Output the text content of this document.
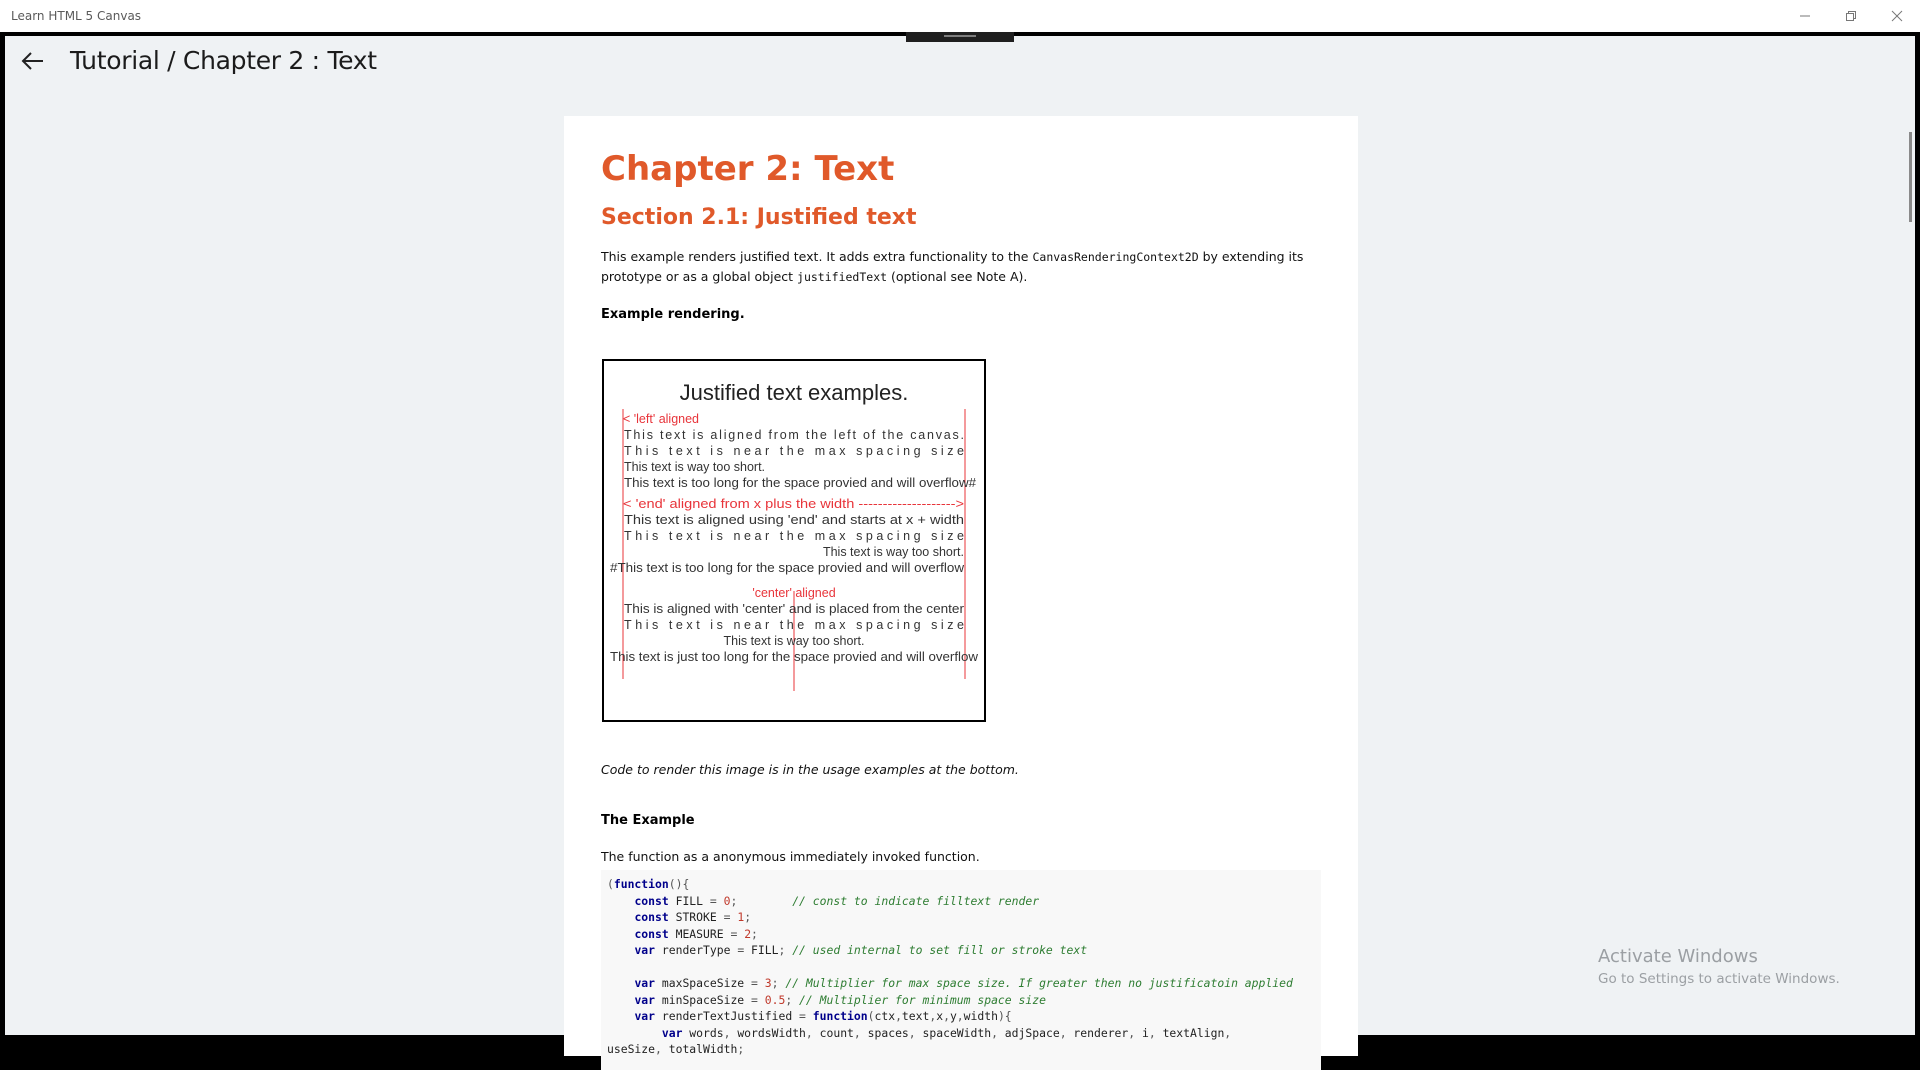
Learn HTML 5 Canvas
Tutorial / Chapter 2 : Text
Chapter 2: Text
Section 2.1: Justified text

This example renders justified text. It adds extra functionality to the CanvasRenderingContext2D by extending its prototype or as a global object justifiedText (optional see Note A).

Example rendering.
Justified text examples.
< 'left' aligned
This text is aligned from the left of the canvas.
This text is near the max spacing size
This text is way too short.
This text is too long for the space provied and will overflow#
< 'end' aligned from x plus the width -------------------->
This text is aligned using 'end' and starts at x + width
This text is near the max spacing size
This text is way too short.
#This text is too long for the space provied and will overflow
'center' aligned
This is aligned with 'center' and is placed from the center
This text is near the max spacing size
This text is way too short.
This text is just too long for the space provied and will overflow
Code to render this image is in the usage examples at the bottom.
The Example
The function as a anonymous immediately invoked function.
(function(){
const FILL = 0;	// const to indicate filltext render
const STROKE = 1;
const MEASURE = 2;
var renderType = FILL; // used internal to set fill or stroke text

var maxSpaceSize = 3; // Multiplier for max space size. If greater then no justificatoin applied
var minSpaceSize = 0.5; // Multiplier for minimum space size
var renderTextJustified = function(ctx,text,x,y,width){
var words, wordsWidth, count, spaces, spaceWidth, adjSpace, renderer, i, textAlign,
useSize, totalWidth;
Activate Windows
Go to Settings to activate Windows.
